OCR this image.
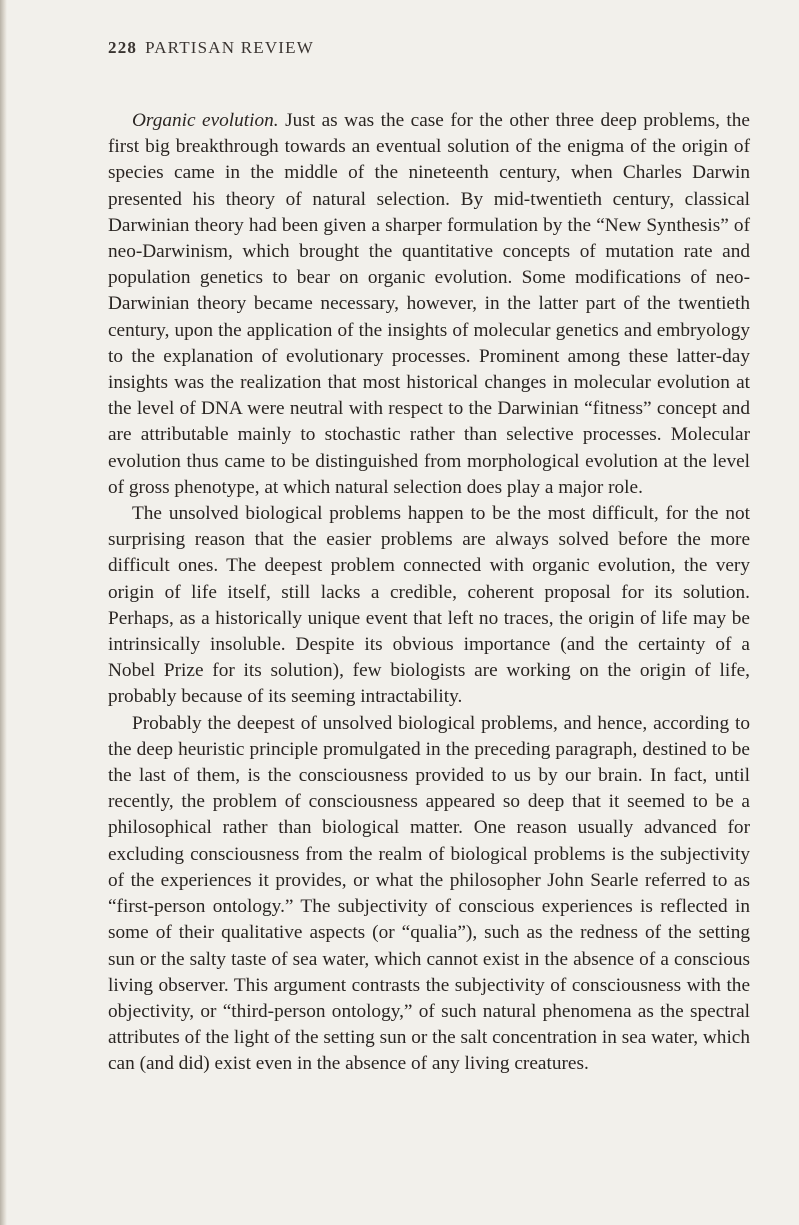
228 PARTISAN REVIEW

Organic evolution. Just as was the case for the other three deep problems, the first big breakthrough towards an eventual solution of the enigma of the origin of species came in the middle of the nineteenth century, when Charles Darwin presented his theory of natural selection. By mid-twentieth century, classical Darwinian theory had been given a sharper formulation by the “New Synthesis” of neo-Darwinism, which brought the quantitative concepts of mutation rate and population genetics to bear on organic evolution. Some modifications of neo-Darwinian theory became necessary, however, in the latter part of the twentieth century, upon the application of the insights of molecular genetics and embryology to the explanation of evolutionary processes. Prominent among these latter-day insights was the realization that most historical changes in molecular evolution at the level of DNA were neutral with respect to the Darwinian “fitness” concept and are attributable mainly to stochastic rather than selective processes. Molecular evolution thus came to be distinguished from morphological evolution at the level of gross phenotype, at which natural selection does play a major role.

The unsolved biological problems happen to be the most difficult, for the not surprising reason that the easier problems are always solved before the more difficult ones. The deepest problem connected with organic evolution, the very origin of life itself, still lacks a credible, coherent proposal for its solution. Perhaps, as a historically unique event that left no traces, the origin of life may be intrinsically insoluble. Despite its obvious importance (and the certainty of a Nobel Prize for its solution), few biologists are working on the origin of life, probably because of its seeming intractability.

Probably the deepest of unsolved biological problems, and hence, according to the deep heuristic principle promulgated in the preceding paragraph, destined to be the last of them, is the consciousness provided to us by our brain. In fact, until recently, the problem of consciousness appeared so deep that it seemed to be a philosophical rather than biological matter. One reason usually advanced for excluding consciousness from the realm of biological problems is the subjectivity of the experiences it provides, or what the philosopher John Searle referred to as “first-person ontology.” The subjectivity of conscious experiences is reflected in some of their qualitative aspects (or “qualia”), such as the redness of the setting sun or the salty taste of sea water, which cannot exist in the absence of a conscious living observer. This argument contrasts the subjectivity of consciousness with the objectivity, or “third-person ontology,” of such natural phenomena as the spectral attributes of the light of the setting sun or the salt concentration in sea water, which can (and did) exist even in the absence of any living creatures.
